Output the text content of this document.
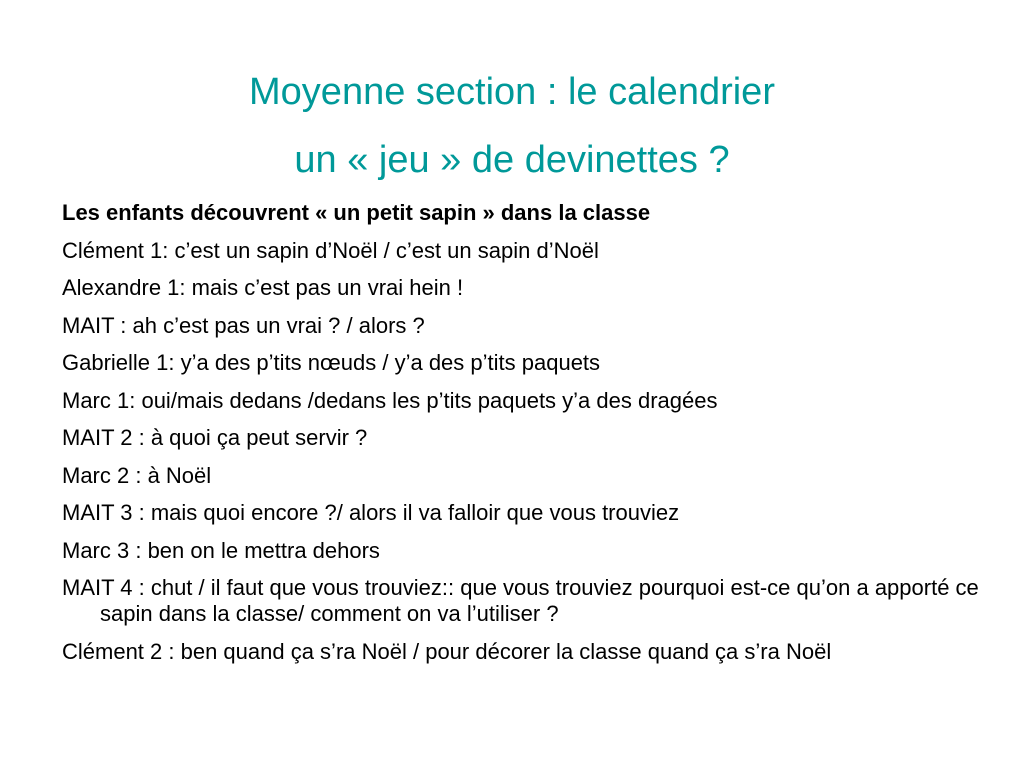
Moyenne section : le calendrier
un « jeu » de devinettes ?
Les enfants découvrent « un petit sapin » dans la classe
Clément 1: c’est un sapin d’Noël / c’est un sapin d’Noël
Alexandre 1: mais c’est pas un vrai hein !
MAIT : ah c’est pas un vrai ? / alors ?
Gabrielle 1: y’a des p’tits nœuds / y’a des p’tits paquets
Marc 1: oui/mais dedans /dedans les p’tits paquets y’a des dragées
MAIT 2 : à quoi ça peut servir ?
Marc 2 : à Noël
MAIT 3 : mais quoi encore ?/ alors il va falloir que vous trouviez
Marc 3 : ben on le mettra dehors
MAIT 4 : chut / il faut que vous trouviez:: que vous trouviez pourquoi est-ce qu’on a apporté ce sapin dans la classe/ comment on va l’utiliser ?
Clément 2 : ben quand ça s’ra Noël / pour décorer la classe quand ça s’ra Noël
